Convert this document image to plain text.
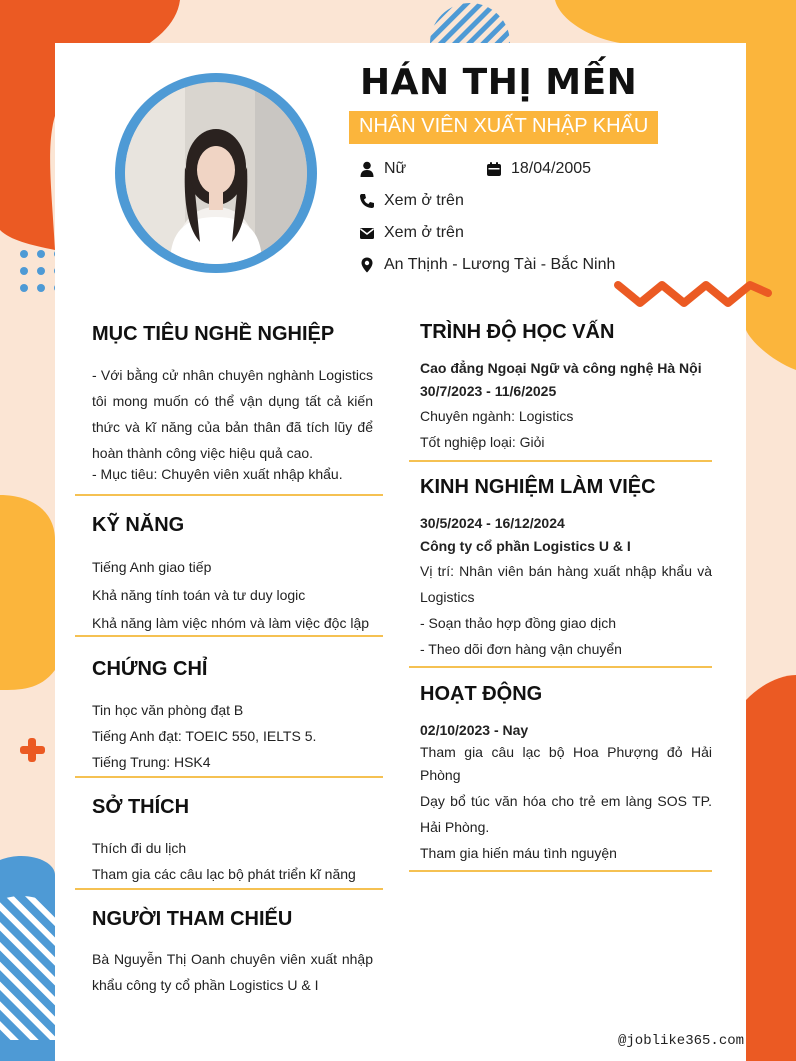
HÁN THỊ MẾN
NHÂN VIÊN XUẤT NHẬP KHẨU
Nữ	18/04/2005
Xem ở trên
Xem ở trên
An Thịnh - Lương Tài - Bắc Ninh
MỤC TIÊU NGHỀ NGHIỆP
- Với bằng cử nhân chuyên nghành Logistics tôi mong muốn có thể vận dụng tất cả kiến thức và kĩ năng của bản thân đã tích lũy để hoàn thành công việc hiệu quả cao.
- Mục tiêu: Chuyên viên xuất nhập khẩu.
KỸ NĂNG
Tiếng Anh giao tiếp
Khả năng tính toán và tư duy logic
Khả năng làm việc nhóm và làm việc độc lập
CHỨNG CHỈ
Tin học văn phòng đạt B
Tiếng Anh đạt: TOEIC 550, IELTS 5.
Tiếng Trung: HSK4
SỞ THÍCH
Thích đi du lịch
Tham gia các câu lạc bộ phát triển kĩ năng
NGƯỜI THAM CHIẾU
Bà Nguyễn Thị Oanh chuyên viên xuất nhập khẩu công ty cổ phần Logistics U & I
TRÌNH ĐỘ HỌC VẤN
Cao đẳng Ngoại Ngữ và công nghệ Hà Nội
30/7/2023 - 11/6/2025
Chuyên ngành: Logistics
Tốt nghiệp loại: Giỏi
KINH NGHIỆM LÀM VIỆC
30/5/2024 - 16/12/2024
Công ty cổ phần Logistics U & I
Vị trí: Nhân viên bán hàng xuất nhập khẩu và Logistics
- Soạn thảo hợp đồng giao dịch
- Theo dõi đơn hàng vận chuyển
HOẠT ĐỘNG
02/10/2023 - Nay
Tham gia câu lạc bộ Hoa Phượng đỏ Hải Phòng
Dạy bổ túc văn hóa cho trẻ em làng SOS TP. Hải Phòng.
Tham gia hiến máu tình nguyện
@joblike365.com
